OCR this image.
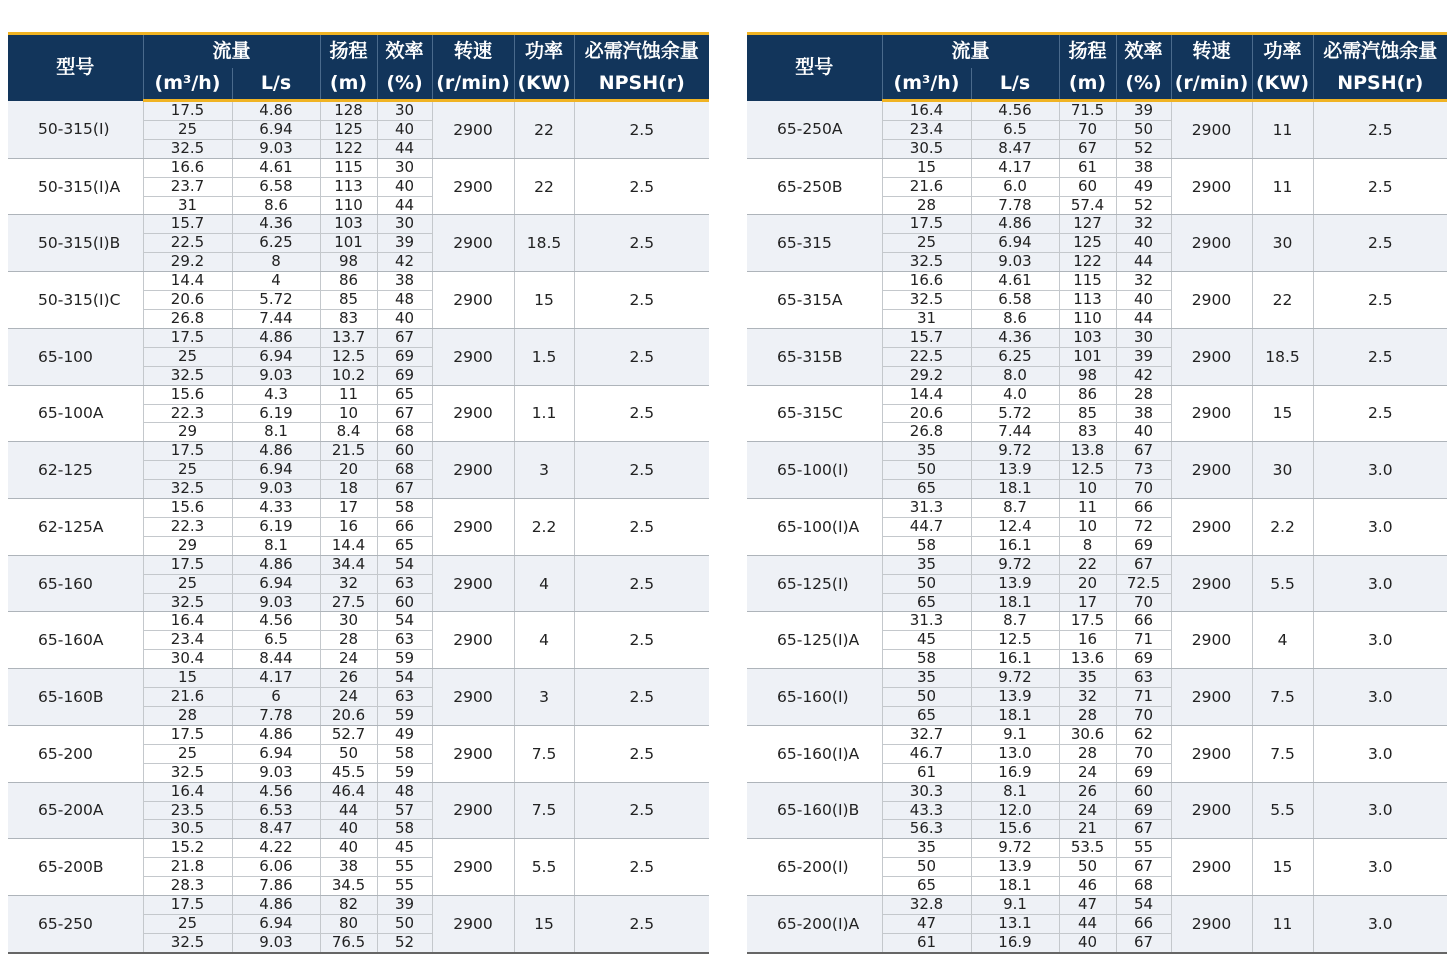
型号	流量		扬程	效率	转速	功率	必需汽蚀余量
	(m³/h)	L/s	(m)	(%)	(r/min)	(KW)	NPSH(r)
50-315(I)	17.5	4.86	128	30	2900	22	2.5
	25	6.94	125	40			
	32.5	9.03	122	44			
50-315(I)A	16.6	4.61	115	30	2900	22	2.5
	23.7	6.58	113	40			
	31	8.6	110	44			
50-315(I)B	15.7	4.36	103	30	2900	18.5	2.5
	22.5	6.25	101	39			
	29.2	8	98	42			
50-315(I)C	14.4	4	86	38	2900	15	2.5
	20.6	5.72	85	48			
	26.8	7.44	83	40			
65-100	17.5	4.86	13.7	67	2900	1.5	2.5
	25	6.94	12.5	69			
	32.5	9.03	10.2	69			
65-100A	15.6	4.3	11	65	2900	1.1	2.5
	22.3	6.19	10	67			
	29	8.1	8.4	68			
62-125	17.5	4.86	21.5	60	2900	3	2.5
	25	6.94	20	68			
	32.5	9.03	18	67			
62-125A	15.6	4.33	17	58	2900	2.2	2.5
	22.3	6.19	16	66			
	29	8.1	14.4	65			
65-160	17.5	4.86	34.4	54	2900	4	2.5
	25	6.94	32	63			
	32.5	9.03	27.5	60			
65-160A	16.4	4.56	30	54	2900	4	2.5
	23.4	6.5	28	63			
	30.4	8.44	24	59			
65-160B	15	4.17	26	54	2900	3	2.5
	21.6	6	24	63			
	28	7.78	20.6	59			
65-200	17.5	4.86	52.7	49	2900	7.5	2.5
	25	6.94	50	58			
	32.5	9.03	45.5	59			
65-200A	16.4	4.56	46.4	48	2900	7.5	2.5
	23.5	6.53	44	57			
	30.5	8.47	40	58			
65-200B	15.2	4.22	40	45	2900	5.5	2.5
	21.8	6.06	38	55			
	28.3	7.86	34.5	55			
65-250	17.5	4.86	82	39	2900	15	2.5
	25	6.94	80	50			
	32.5	9.03	76.5	52			
型号	流量		扬程	效率	转速	功率	必需汽蚀余量
	(m³/h)	L/s	(m)	(%)	(r/min)	(KW)	NPSH(r)
65-250A	16.4	4.56	71.5	39	2900	11	2.5
	23.4	6.5	70	50			
	30.5	8.47	67	52			
65-250B	15	4.17	61	38	2900	11	2.5
	21.6	6.0	60	49			
	28	7.78	57.4	52			
65-315	17.5	4.86	127	32	2900	30	2.5
	25	6.94	125	40			
	32.5	9.03	122	44			
65-315A	16.6	4.61	115	32	2900	22	2.5
	32.5	6.58	113	40			
	31	8.6	110	44			
65-315B	15.7	4.36	103	30	2900	18.5	2.5
	22.5	6.25	101	39			
	29.2	8.0	98	42			
65-315C	14.4	4.0	86	28	2900	15	2.5
	20.6	5.72	85	38			
	26.8	7.44	83	40			
65-100(I)	35	9.72	13.8	67	2900	30	3.0
	50	13.9	12.5	73			
	65	18.1	10	70			
65-100(I)A	31.3	8.7	11	66	2900	2.2	3.0
	44.7	12.4	10	72			
	58	16.1	8	69			
65-125(I)	35	9.72	22	67	2900	5.5	3.0
	50	13.9	20	72.5			
	65	18.1	17	70			
65-125(I)A	31.3	8.7	17.5	66	2900	4	3.0
	45	12.5	16	71			
	58	16.1	13.6	69			
65-160(I)	35	9.72	35	63	2900	7.5	3.0
	50	13.9	32	71			
	65	18.1	28	70			
65-160(I)A	32.7	9.1	30.6	62	2900	7.5	3.0
	46.7	13.0	28	70			
	61	16.9	24	69			
65-160(I)B	30.3	8.1	26	60	2900	5.5	3.0
	43.3	12.0	24	69			
	56.3	15.6	21	67			
65-200(I)	35	9.72	53.5	55	2900	15	3.0
	50	13.9	50	67			
	65	18.1	46	68			
65-200(I)A	32.8	9.1	47	54	2900	11	3.0
	47	13.1	44	66			
	61	16.9	40	67			
